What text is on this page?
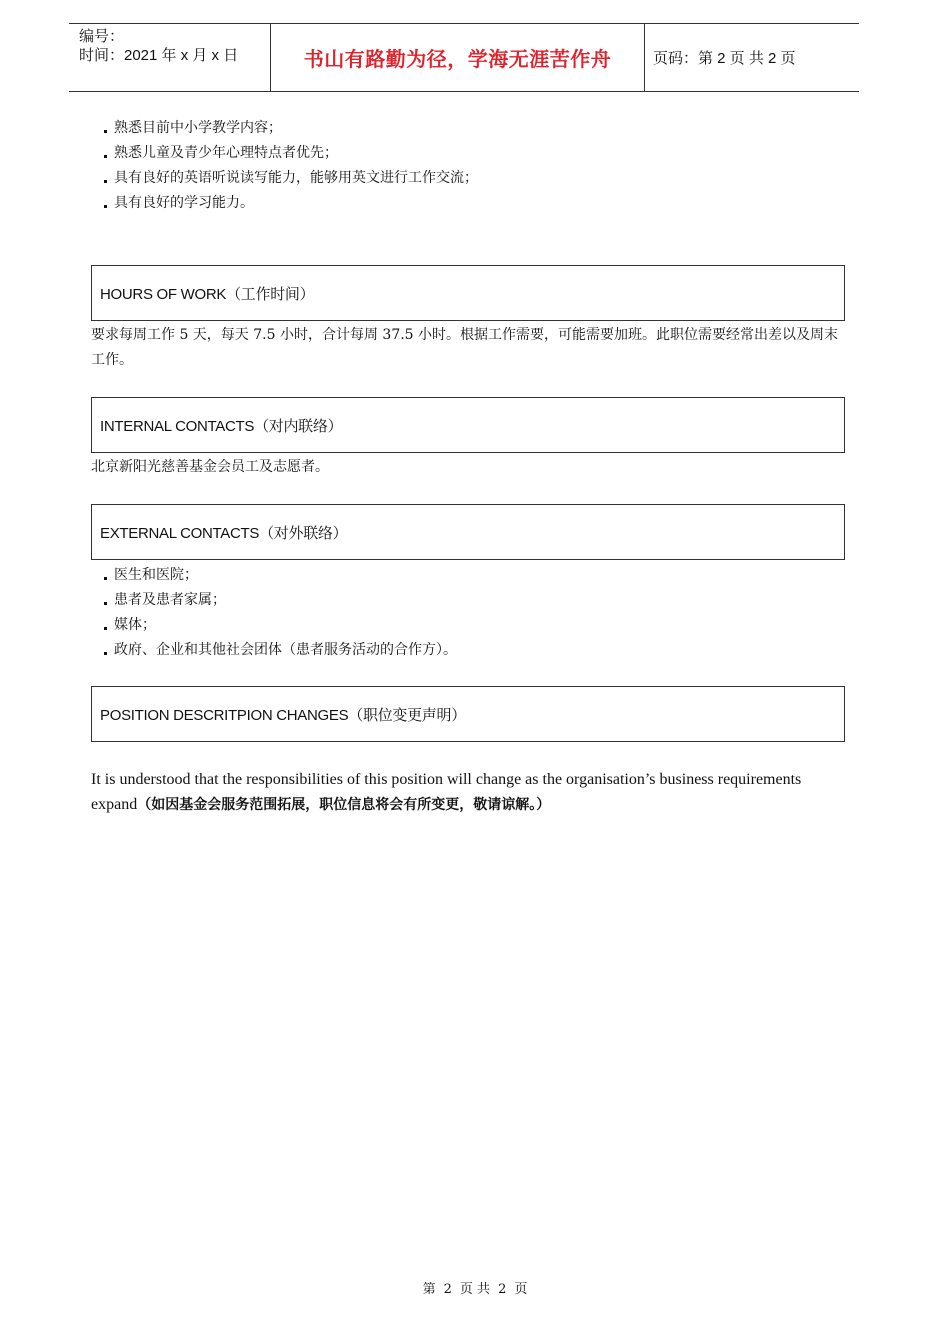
编号：
时间：2021 年 x 月 x 日	书山有路勤为径，学海无涯苦作舟	页码：第 2 页 共 2 页
熟悉目前中小学教学内容；
熟悉儿童及青少年心理特点者优先；
具有良好的英语听说读写能力，能够用英文进行工作交流；
具有良好的学习能力。
HOURS OF WORK（工作时间）
要求每周工作 5 天，每天 7.5 小时，合计每周 37.5 小时。根据工作需要，可能需要加班。此职位需要经常出差以及周末工作。
INTERNAL CONTACTS（对内联络）
北京新阳光慈善基金会员工及志愿者。
EXTERNAL CONTACTS（对外联络）
医生和医院；
患者及患者家属；
媒体；
政府、企业和其他社会团体（患者服务活动的合作方）。
POSITION DESCRITPION CHANGES（职位变更声明）
It is understood that the responsibilities of this position will change as the organisation’s business requirements expand（如因基金会服务范围拓展，职位信息将会有所变更，敬请谅解。）
第 2 页 共 2 页
